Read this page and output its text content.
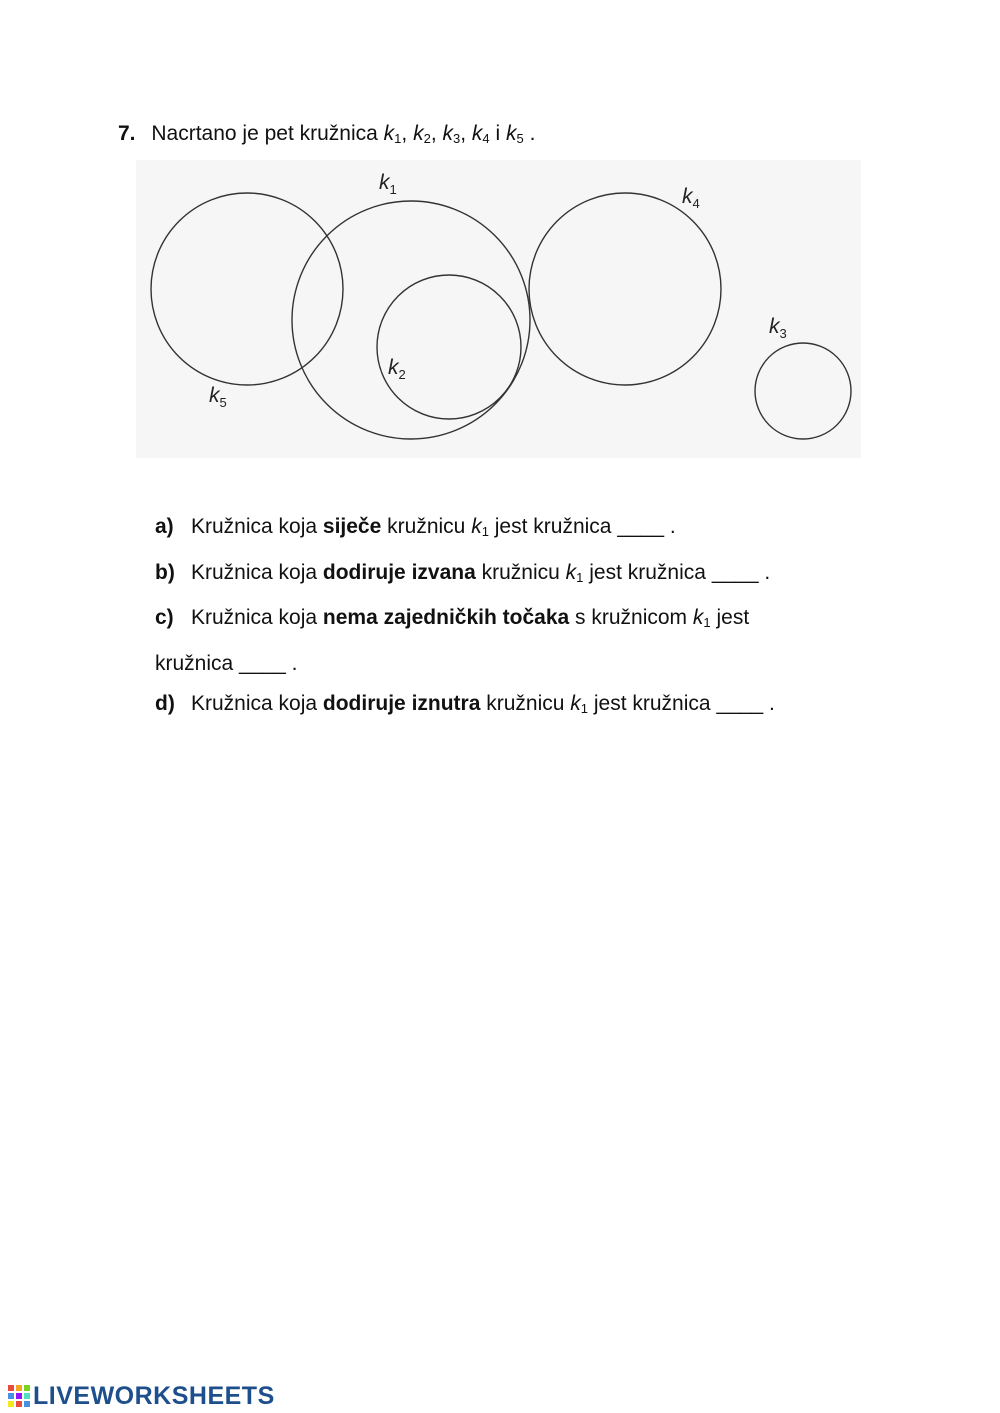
7. Nacrtano je pet kružnica $k_1$, $k_2$, $k_3$, $k_4$ i $k_5$ .
$k_1$
$k_2$
$k_3$
$k_4$
$k_5$
a) Kružnica koja siječe kružnicu $k_1$ jest kružnica ____ .
b) Kružnica koja dodiruje izvana kružnicu $k_1$ jest kružnica ____ .
c) Kružnica koja nema zajedničkih točaka s kružnicom $k_1$ jest
kružnica ____ .
d) Kružnica koja dodiruje iznutra kružnicu $k_1$ jest kružnica ____ .
LIVEWORKSHEETS
